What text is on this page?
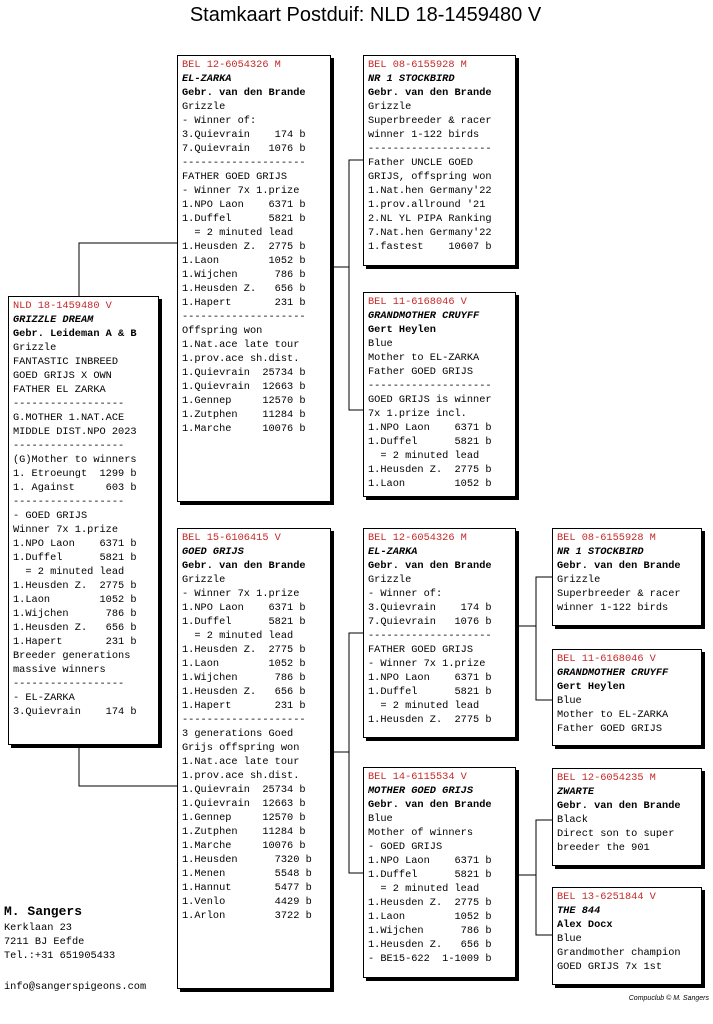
Stamkaart Postduif: NLD 18-1459480 V
NLD 18-1459480 V
GRIZZLE DREAM
Gebr. Leideman A & B
Grizzle
FANTASTIC INBREED
GOED GRIJS X OWN
FATHER EL ZARKA
------------------
G.MOTHER 1.NAT.ACE
MIDDLE DIST.NPO 2023
------------------
(G)Mother to winners
1. Etroeungt  1299 b
1. Against     603 b
------------------
- GOED GRIJS
Winner 7x 1.prize
1.NPO Laon    6371 b
1.Duffel      5821 b
= 2 minuted lead
1.Heusden Z.  2775 b
1.Laon        1052 b
1.Wijchen      786 b
1.Heusden Z.   656 b
1.Hapert       231 b
Breeder generations
massive winners
------------------
- EL-ZARKA
3.Quievrain    174 b
BEL 12-6054326 M
EL-ZARKA
Gebr. van den Brande
Grizzle
- Winner of:
3.Quievrain    174 b
7.Quievrain   1076 b
--------------------
FATHER GOED GRIJS
- Winner 7x 1.prize
1.NPO Laon    6371 b
1.Duffel      5821 b
= 2 minuted lead
1.Heusden Z.  2775 b
1.Laon        1052 b
1.Wijchen      786 b
1.Heusden Z.   656 b
1.Hapert       231 b
--------------------
Offspring won
1.Nat.ace late tour
1.prov.ace sh.dist.
1.Quievrain  25734 b
1.Quievrain  12663 b
1.Gennep     12570 b
1.Zutphen    11284 b
1.Marche     10076 b
BEL 15-6106415 V
GOED GRIJS
Gebr. van den Brande
Grizzle
- Winner 7x 1.prize
1.NPO Laon    6371 b
1.Duffel      5821 b
= 2 minuted lead
1.Heusden Z.  2775 b
1.Laon        1052 b
1.Wijchen      786 b
1.Heusden Z.   656 b
1.Hapert       231 b
--------------------
3 generations Goed
Grijs offspring won
1.Nat.ace late tour
1.prov.ace sh.dist.
1.Quievrain  25734 b
1.Quievrain  12663 b
1.Gennep     12570 b
1.Zutphen    11284 b
1.Marche     10076 b
1.Heusden      7320 b
1.Menen        5548 b
1.Hannut       5477 b
1.Venlo        4429 b
1.Arlon        3722 b
BEL 08-6155928 M
NR 1 STOCKBIRD
Gebr. van den Brande
Grizzle
Superbreeder & racer
winner 1-122 birds
--------------------
Father UNCLE GOED
GRIJS, offspring won
1.Nat.hen Germany'22
1.prov.allround '21
2.NL YL PIPA Ranking
7.Nat.hen Germany'22
1.fastest    10607 b
BEL 11-6168046 V
GRANDMOTHER CRUYFF
Gert Heylen
Blue
Mother to EL-ZARKA
Father GOED GRIJS
--------------------
GOED GRIJS is winner
7x 1.prize incl.
1.NPO Laon    6371 b
1.Duffel      5821 b
= 2 minuted lead
1.Heusden Z.  2775 b
1.Laon        1052 b
BEL 12-6054326 M
EL-ZARKA
Gebr. van den Brande
Grizzle
- Winner of:
3.Quievrain    174 b
7.Quievrain   1076 b
--------------------
FATHER GOED GRIJS
- Winner 7x 1.prize
1.NPO Laon    6371 b
1.Duffel      5821 b
= 2 minuted lead
1.Heusden Z.  2775 b
BEL 14-6115534 V
MOTHER GOED GRIJS
Gebr. van den Brande
Blue
Mother of winners
- GOED GRIJS
1.NPO Laon    6371 b
1.Duffel      5821 b
= 2 minuted lead
1.Heusden Z.  2775 b
1.Laon        1052 b
1.Wijchen      786 b
1.Heusden Z.   656 b
- BE15-622  1-1009 b
BEL 08-6155928 M
NR 1 STOCKBIRD
Gebr. van den Brande
Grizzle
Superbreeder & racer
winner 1-122 birds
BEL 11-6168046 V
GRANDMOTHER CRUYFF
Gert Heylen
Blue
Mother to EL-ZARKA
Father GOED GRIJS
BEL 12-6054235 M
ZWARTE
Gebr. van den Brande
Black
Direct son to super
breeder the 901
BEL 13-6251844 V
THE 844
Alex Docx
Blue
Grandmother champion
GOED GRIJS 7x 1st
M. Sangers
Kerklaan 23
7211 BJ Eefde
Tel.:+31 651905433
info@sangerspigeons.com
Compuclub © M. Sangers
